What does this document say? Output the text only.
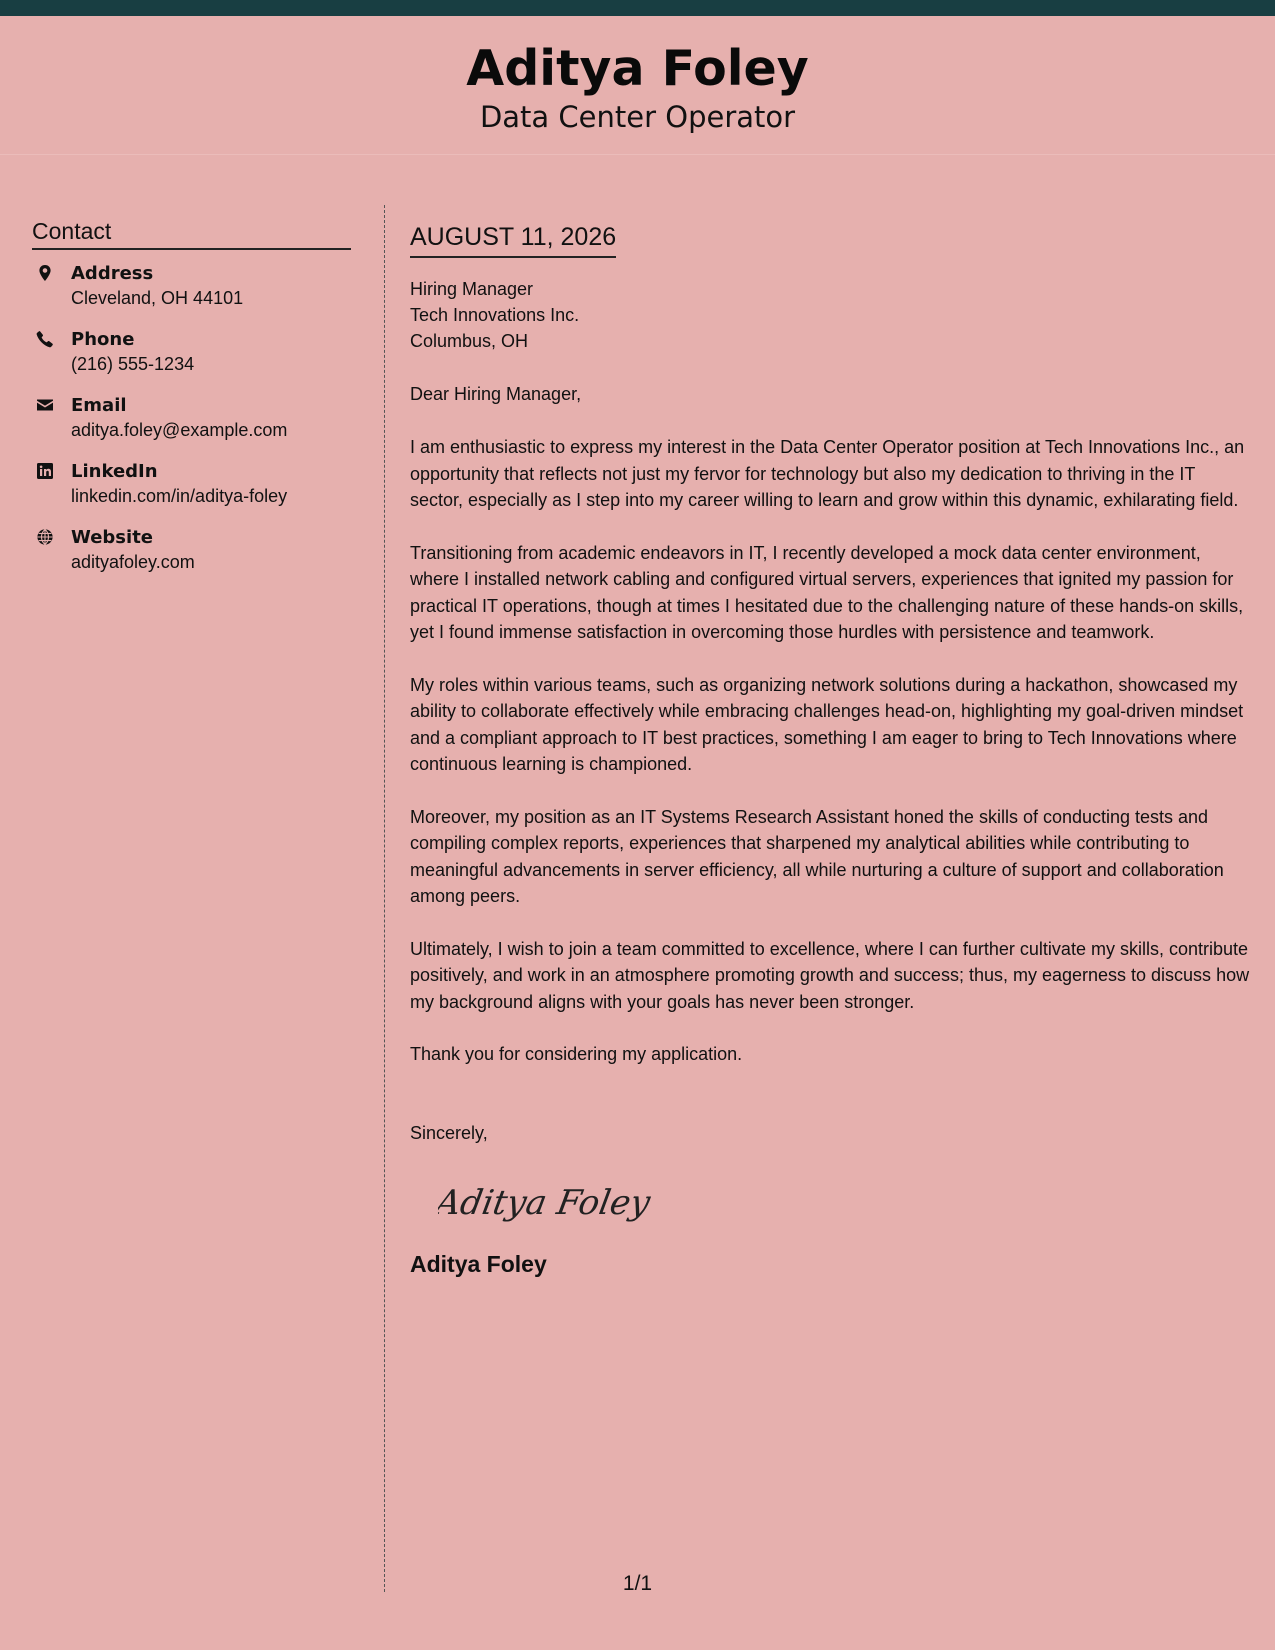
Aditya Foley
Data Center Operator
Contact
Address
Cleveland, OH 44101
Phone
(216) 555-1234
Email
aditya.foley@example.com
LinkedIn
linkedin.com/in/aditya-foley
Website
adityafoley.com
AUGUST 11, 2026
Hiring Manager
Tech Innovations Inc.
Columbus, OH
Dear Hiring Manager,

I am enthusiastic to express my interest in the Data Center Operator position at Tech Innovations Inc., an opportunity that reflects not just my fervor for technology but also my dedication to thriving in the IT sector, especially as I step into my career willing to learn and grow within this dynamic, exhilarating field.

Transitioning from academic endeavors in IT, I recently developed a mock data center environment, where I installed network cabling and configured virtual servers, experiences that ignited my passion for practical IT operations, though at times I hesitated due to the challenging nature of these hands-on skills, yet I found immense satisfaction in overcoming those hurdles with persistence and teamwork.

My roles within various teams, such as organizing network solutions during a hackathon, showcased my ability to collaborate effectively while embracing challenges head-on, highlighting my goal-driven mindset and a compliant approach to IT best practices, something I am eager to bring to Tech Innovations where continuous learning is championed.

Moreover, my position as an IT Systems Research Assistant honed the skills of conducting tests and compiling complex reports, experiences that sharpened my analytical abilities while contributing to meaningful advancements in server efficiency, all while nurturing a culture of support and collaboration among peers.

Ultimately, I wish to join a team committed to excellence, where I can further cultivate my skills, contribute positively, and work in an atmosphere promoting growth and success; thus, my eagerness to discuss how my background aligns with your goals has never been stronger.

Thank you for considering my application.

Sincerely,
Aditya Foley
Aditya Foley
1/1
